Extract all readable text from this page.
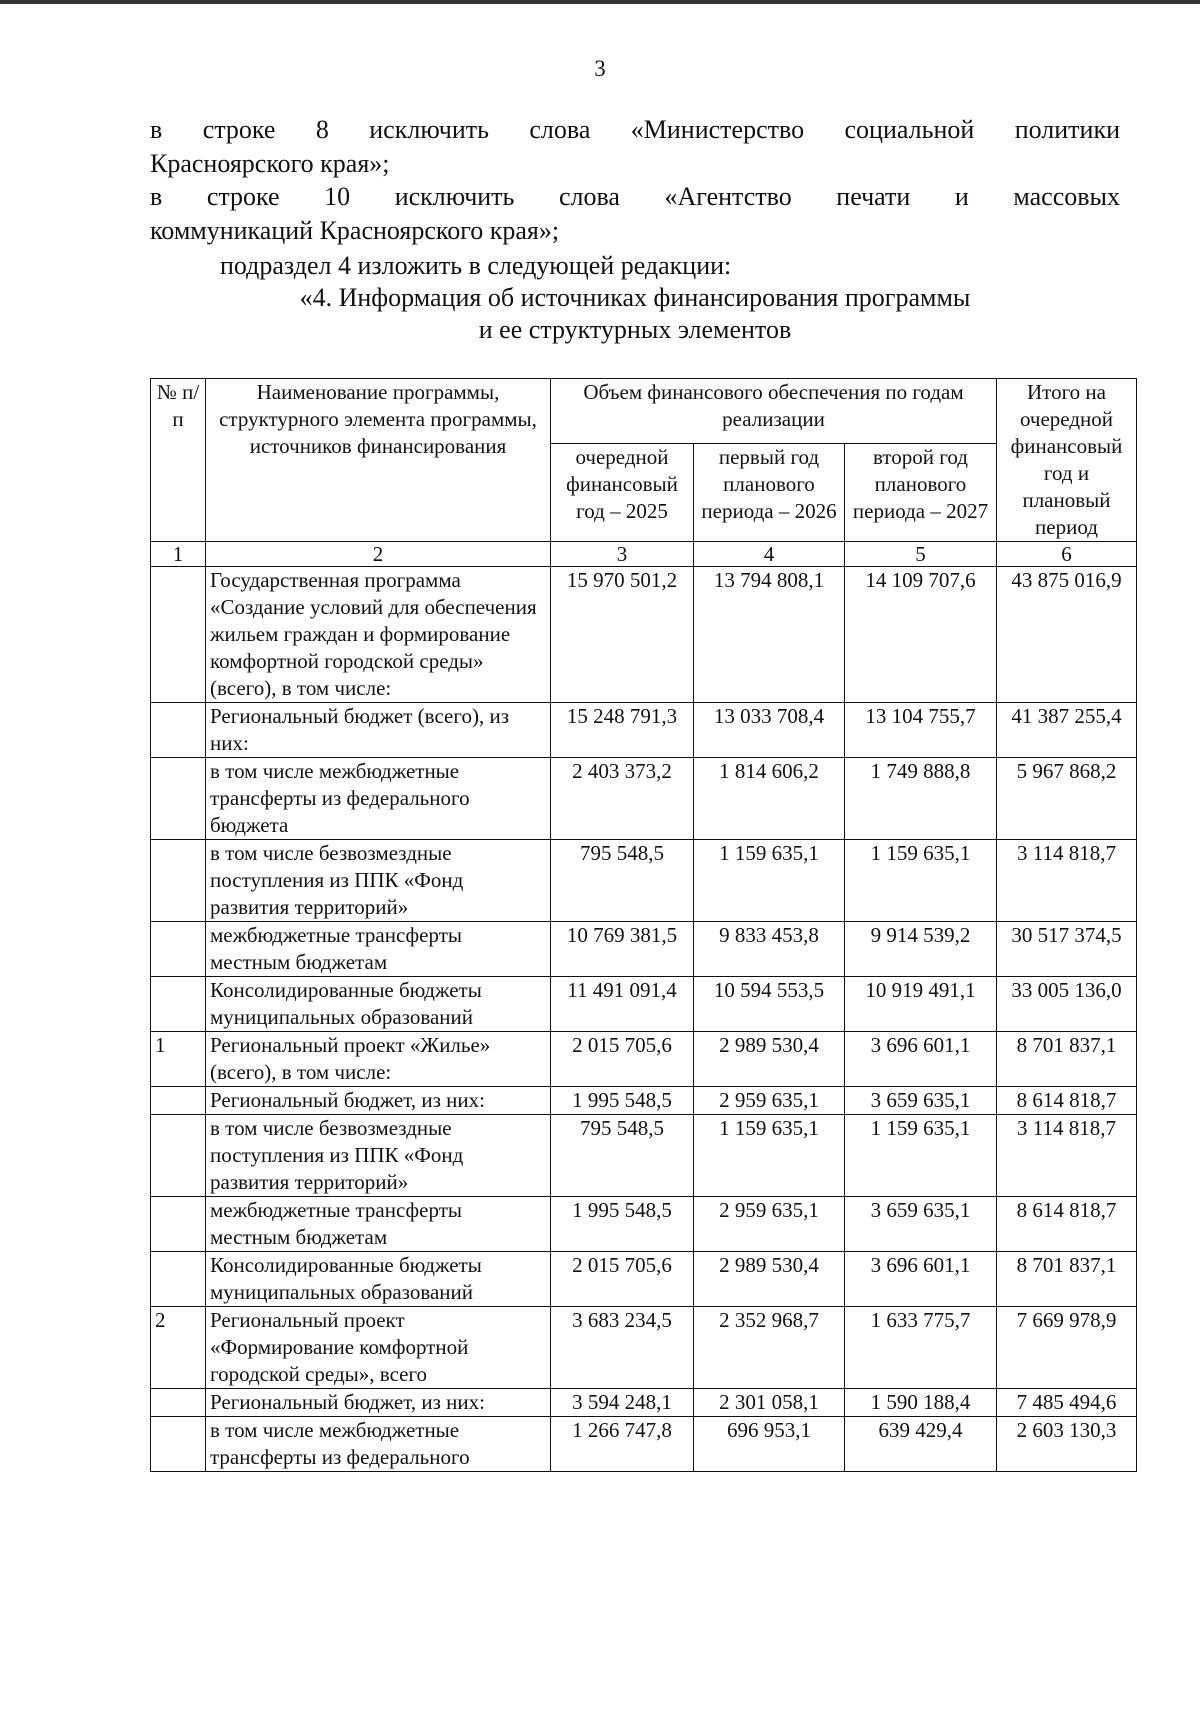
3
в строке 8 исключить слова «Министерство социальной политики
Красноярского края»;
в строке 10 исключить слова «Агентство печати и массовых
коммуникаций Красноярского края»;
подраздел 4 изложить в следующей редакции:
«4. Информация об источниках финансирования программы
и ее структурных элементов
№ п/п	Наименование программы, структурного элемента программы, источников финансирования	Объем финансового обеспечения по годам реализации			Итого на очередной финансовый год и плановый период
		очередной финансовый год – 2025	первый год планового периода – 2026	второй год планового периода – 2027	
1	2	3	4	5	6
	Государственная программа «Создание условий для обеспечения жильем граждан и формирование комфортной городской среды» (всего), в том числе:	15 970 501,2	13 794 808,1	14 109 707,6	43 875 016,9
	Региональный бюджет (всего), из них:	15 248 791,3	13 033 708,4	13 104 755,7	41 387 255,4
	в том числе межбюджетные трансферты из федерального бюджета	2 403 373,2	1 814 606,2	1 749 888,8	5 967 868,2
	в том числе безвозмездные поступления из ППК «Фонд развития территорий»	795 548,5	1 159 635,1	1 159 635,1	3 114 818,7
	межбюджетные трансферты местным бюджетам	10 769 381,5	9 833 453,8	9 914 539,2	30 517 374,5
	Консолидированные бюджеты муниципальных образований	11 491 091,4	10 594 553,5	10 919 491,1	33 005 136,0
1	Региональный проект «Жилье» (всего), в том числе:	2 015 705,6	2 989 530,4	3 696 601,1	8 701 837,1
	Региональный бюджет, из них:	1 995 548,5	2 959 635,1	3 659 635,1	8 614 818,7
	в том числе безвозмездные поступления из ППК «Фонд развития территорий»	795 548,5	1 159 635,1	1 159 635,1	3 114 818,7
	межбюджетные трансферты местным бюджетам	1 995 548,5	2 959 635,1	3 659 635,1	8 614 818,7
	Консолидированные бюджеты муниципальных образований	2 015 705,6	2 989 530,4	3 696 601,1	8 701 837,1
2	Региональный проект «Формирование комфортной городской среды», всего	3 683 234,5	2 352 968,7	1 633 775,7	7 669 978,9
	Региональный бюджет, из них:	3 594 248,1	2 301 058,1	1 590 188,4	7 485 494,6
	в том числе межбюджетные трансферты из федерального	1 266 747,8	696 953,1	639 429,4	2 603 130,3
